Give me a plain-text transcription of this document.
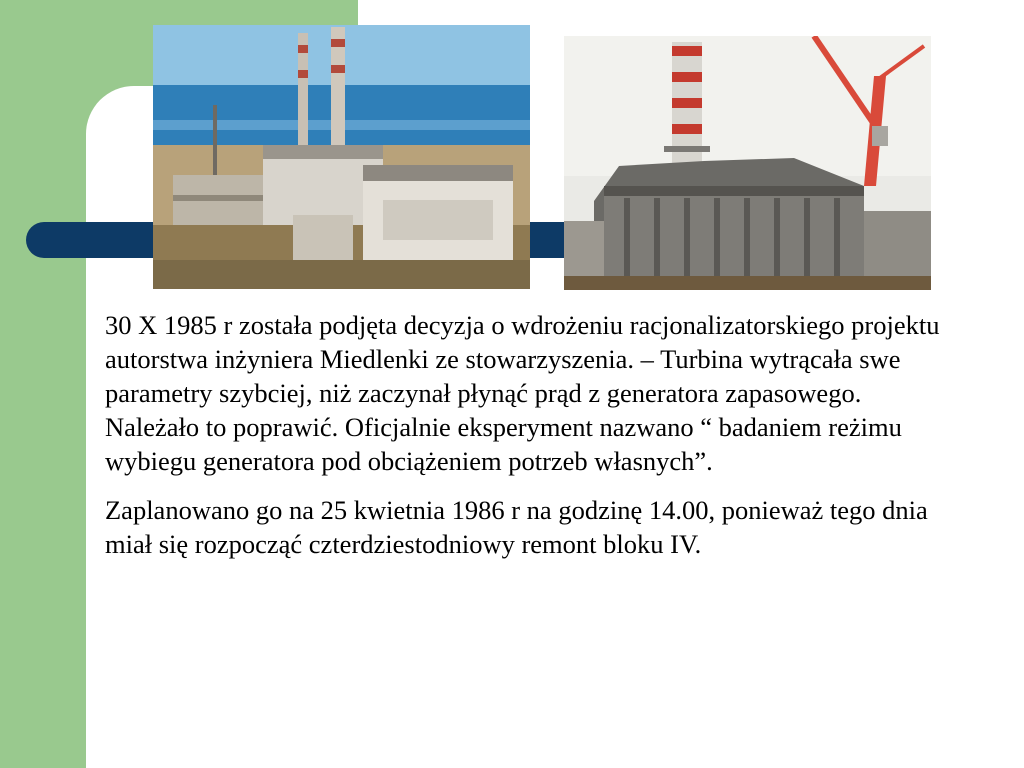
30 X 1985 r została podjęta decyzja o wdrożeniu racjonalizatorskiego projektu autorstwa inżyniera Miedlenki ze stowarzyszenia. – Turbina wytrącała swe parametry szybciej, niż zaczynał płynąć prąd z generatora zapasowego. Należało to poprawić. Oficjalnie eksperyment nazwano “ badaniem reżimu wybiegu generatora pod obciążeniem potrzeb własnych”.

Zaplanowano go na 25 kwietnia 1986 r na godzinę 14.00, ponieważ tego dnia miał się rozpocząć czterdziestodniowy remont bloku IV.
